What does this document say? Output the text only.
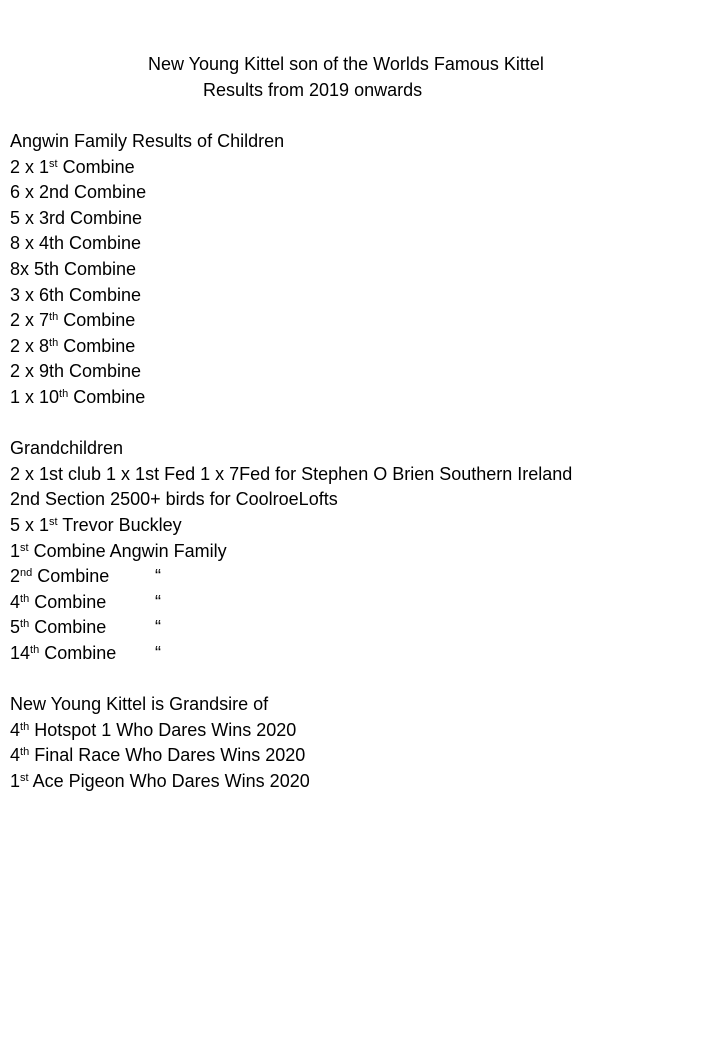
New Young Kittel son of the Worlds Famous Kittel
Results from 2019 onwards
Angwin Family Results of Children
2 x 1st Combine
6 x 2nd Combine
5 x 3rd Combine
8 x 4th Combine
8x 5th Combine
3 x 6th Combine
2 x 7th Combine
2 x 8th Combine
2 x 9th Combine
1 x 10th Combine
Grandchildren
2 x 1st club 1 x 1st Fed 1 x 7Fed for Stephen O Brien Southern Ireland
2nd Section 2500+ birds for CoolroeLofts
5 x 1st Trevor Buckley
1st Combine Angwin Family
2nd Combine	“
4th Combine	“
5th Combine	“
14th Combine “
New Young Kittel is Grandsire of
4th Hotspot 1 Who Dares Wins 2020
4th Final Race Who Dares Wins 2020
1st Ace Pigeon Who Dares Wins 2020
